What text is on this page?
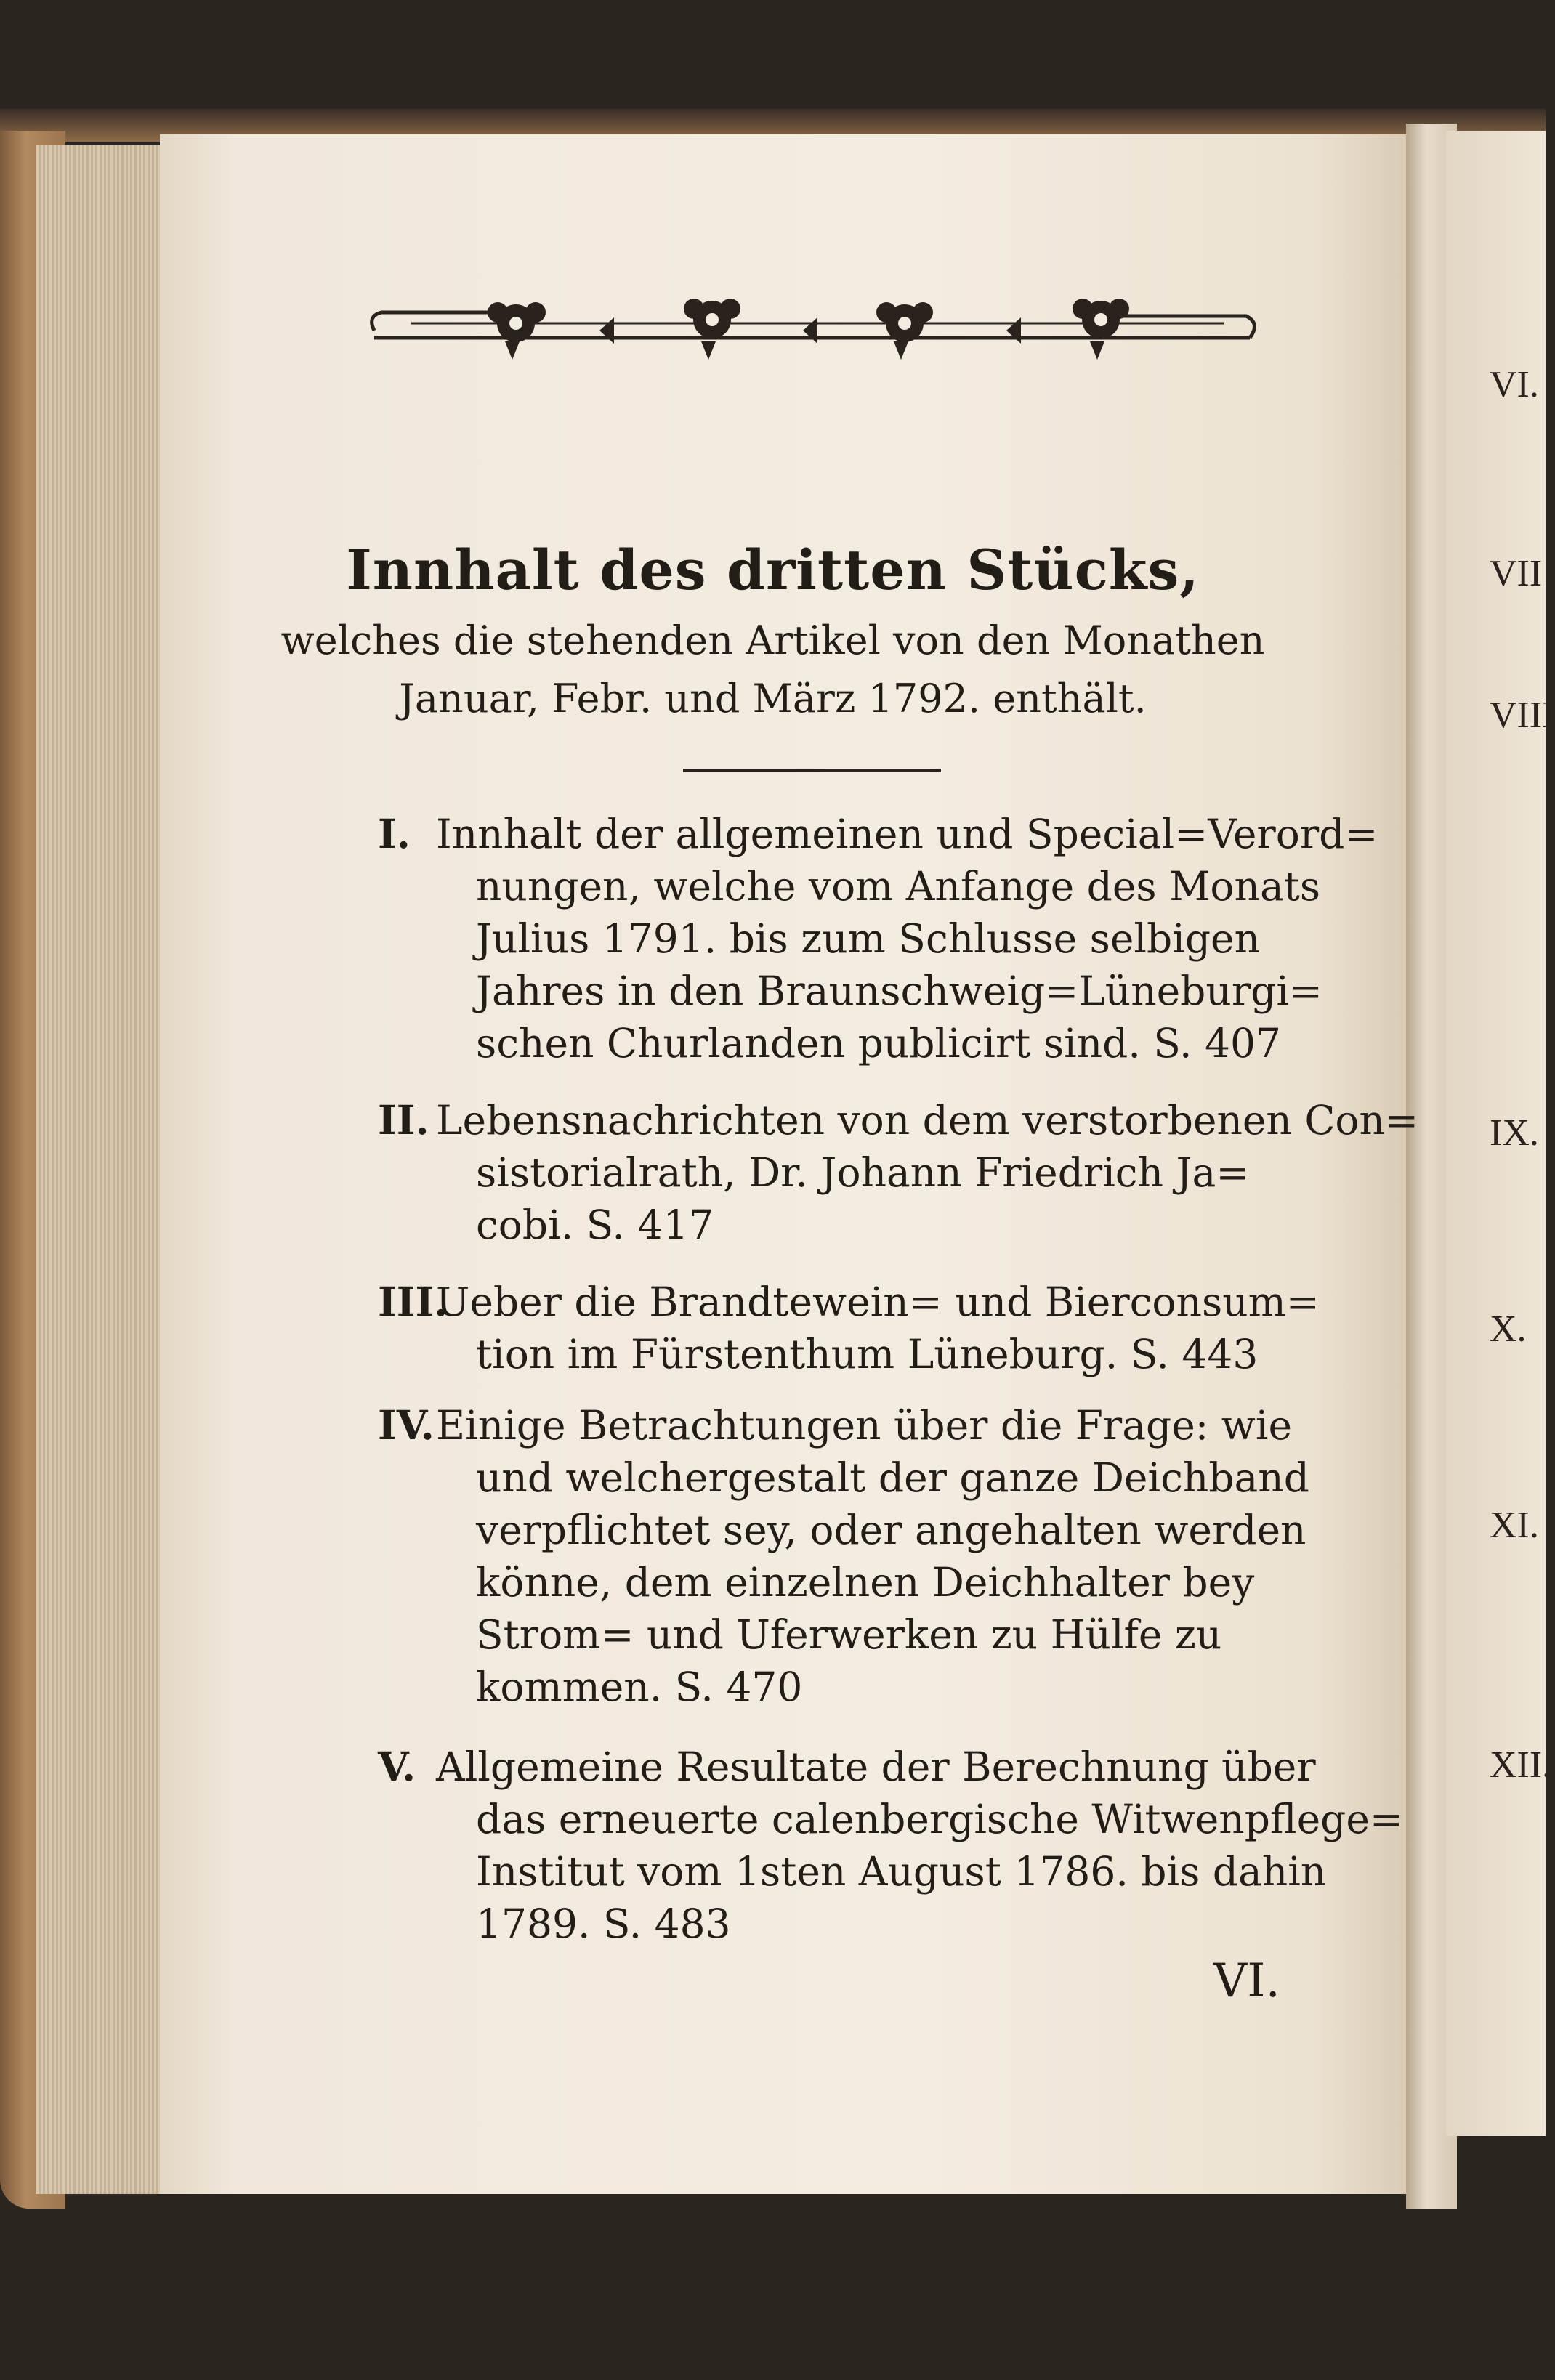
Innhalt des dritten Stücks,
welches die stehenden Artikel von den Monathen
Januar, Febr. und März 1792. enthält.
I. Innhalt der allgemeinen und Special=Verord=
nungen, welche vom Anfange des Monats
Julius 1791. bis zum Schlusse selbigen
Jahres in den Braunschweig=Lüneburgi=
schen Churlanden publicirt sind. S. 407
II. Lebensnachrichten von dem verstorbenen Con=
sistorialrath, Dr. Johann Friedrich Ja=
cobi. S. 417
III.
Ueber die Brandtewein= und Bierconsum=
tion im Fürstenthum Lüneburg. S. 443
IV. Einige Betrachtungen über die Frage: wie
und welchergestalt der ganze Deichband
verpflichtet sey, oder angehalten werden
könne, dem einzelnen Deichhalter bey
Strom= und Uferwerken zu Hülfe zu
kommen. S. 470
V. Allgemeine Resultate der Berechnung über
das erneuerte calenbergische Witwenpflege=
Institut vom 1sten August 1786. bis dahin
1789. S. 483
VI.
VI.
VII
VIII
IX.
X.
XI.
XII.
